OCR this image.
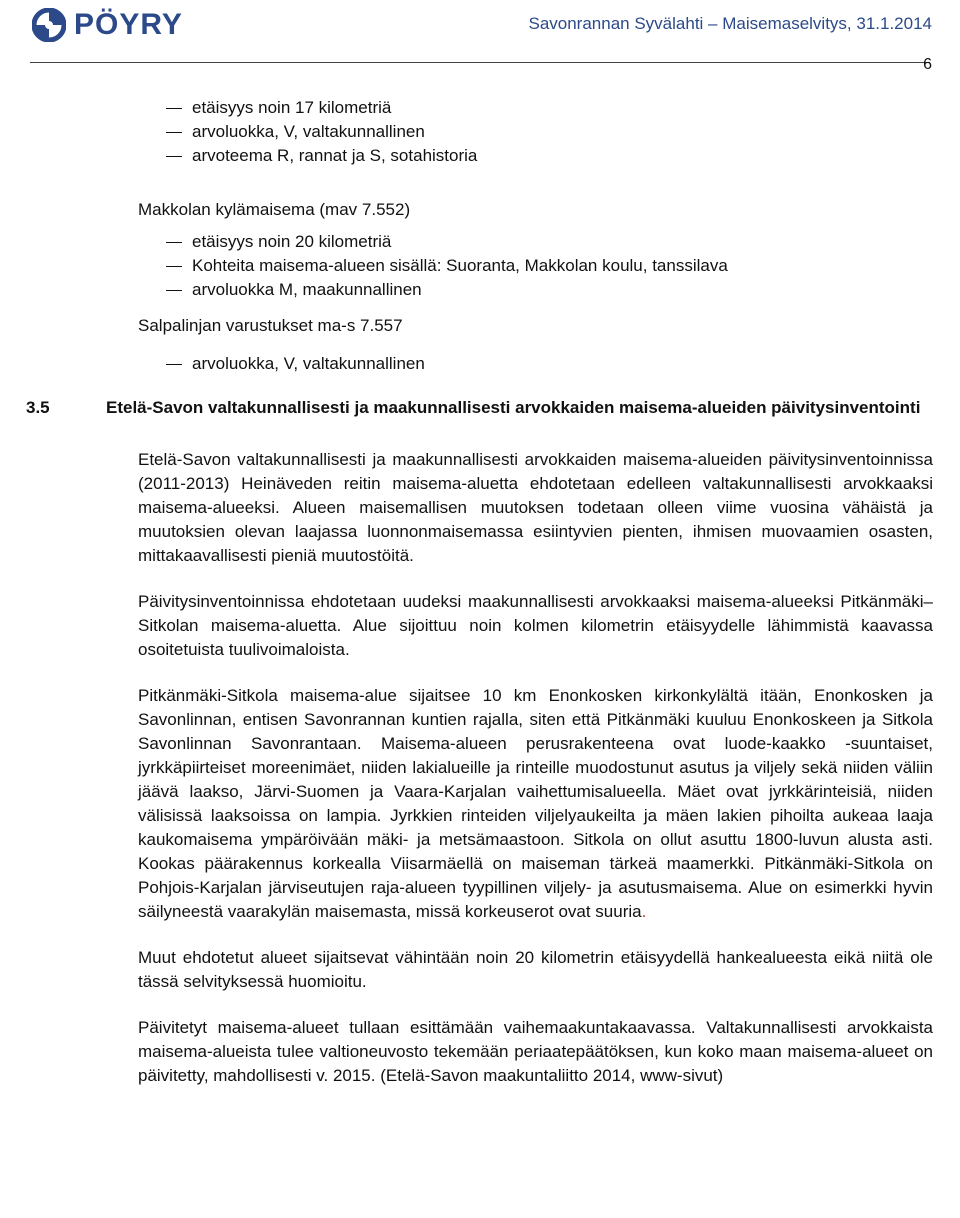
PÖYRY	Savonrannan Syvälahti – Maisemaselvitys, 31.1.2014
6
etäisyys noin 17 kilometriä
arvoluokka, V, valtakunnallinen
arvoteema R, rannat ja S, sotahistoria
Makkolan kylämaisema (mav 7.552)
etäisyys noin 20 kilometriä
Kohteita maisema-alueen sisällä: Suoranta, Makkolan koulu, tanssilava
arvoluokka M, maakunnallinen
Salpalinjan varustukset ma-s 7.557
arvoluokka, V, valtakunnallinen
3.5	Etelä-Savon valtakunnallisesti ja maakunnallisesti arvokkaiden maisema-alueiden päivitysinventointi

Etelä-Savon valtakunnallisesti ja maakunnallisesti arvokkaiden maisema-alueiden päivitysinventoinnissa (2011-2013) Heinäveden reitin maisema-aluetta ehdotetaan edelleen valtakunnallisesti arvokkaaksi maisema-alueeksi. Alueen maisemallisen muutoksen todetaan olleen viime vuosina vähäistä ja muutoksien olevan laajassa luonnonmaisemassa esiintyvien pienten, ihmisen muovaamien osasten, mittakaavallisesti pieniä muutostöitä.

Päivitysinventoinnissa ehdotetaan uudeksi maakunnallisesti arvokkaaksi maisema-alueeksi Pitkänmäki–Sitkolan maisema-aluetta. Alue sijoittuu noin kolmen kilometrin etäisyydelle lähimmistä kaavassa osoitetuista tuulivoimaloista.

Pitkänmäki-Sitkola maisema-alue sijaitsee 10 km Enonkosken kirkonkylältä itään, Enonkosken ja Savonlinnan, entisen Savonrannan kuntien rajalla, siten että Pitkänmäki kuuluu Enonkoskeen ja Sitkola Savonlinnan Savonrantaan. Maisema-alueen perusrakenteena ovat luode-kaakko -suuntaiset, jyrkkäpiirteiset moreenimäet, niiden lakialueille ja rinteille muodostunut asutus ja viljely sekä niiden väliin jäävä laakso, Järvi-Suomen ja Vaara-Karjalan vaihettumisalueella. Mäet ovat jyrkkärinteisiä, niiden välisissä laaksoissa on lampia. Jyrkkien rinteiden viljelyaukeilta ja mäen lakien pihoilta aukeaa laaja kaukomaisema ympäröivään mäki- ja metsämaastoon. Sitkola on ollut asuttu 1800-luvun alusta asti. Kookas päärakennus korkealla Viisarmäellä on maiseman tärkeä maamerkki. Pitkänmäki-Sitkola on Pohjois-Karjalan järviseutujen raja-alueen tyypillinen viljely- ja asutusmaisema. Alue on esimerkki hyvin säilyneestä vaarakylän maisemasta, missä korkeuserot ovat suuria.

Muut ehdotetut alueet sijaitsevat vähintään noin 20 kilometrin etäisyydellä hankealueesta eikä niitä ole tässä selvityksessä huomioitu.

Päivitetyt maisema-alueet tullaan esittämään vaihemaakuntakaavassa. Valtakunnallisesti arvokkaista maisema-alueista tulee valtioneuvosto tekemään periaatepäätöksen, kun koko maan maisema-alueet on päivitetty, mahdollisesti v. 2015. (Etelä-Savon maakuntaliitto 2014, www-sivut)
